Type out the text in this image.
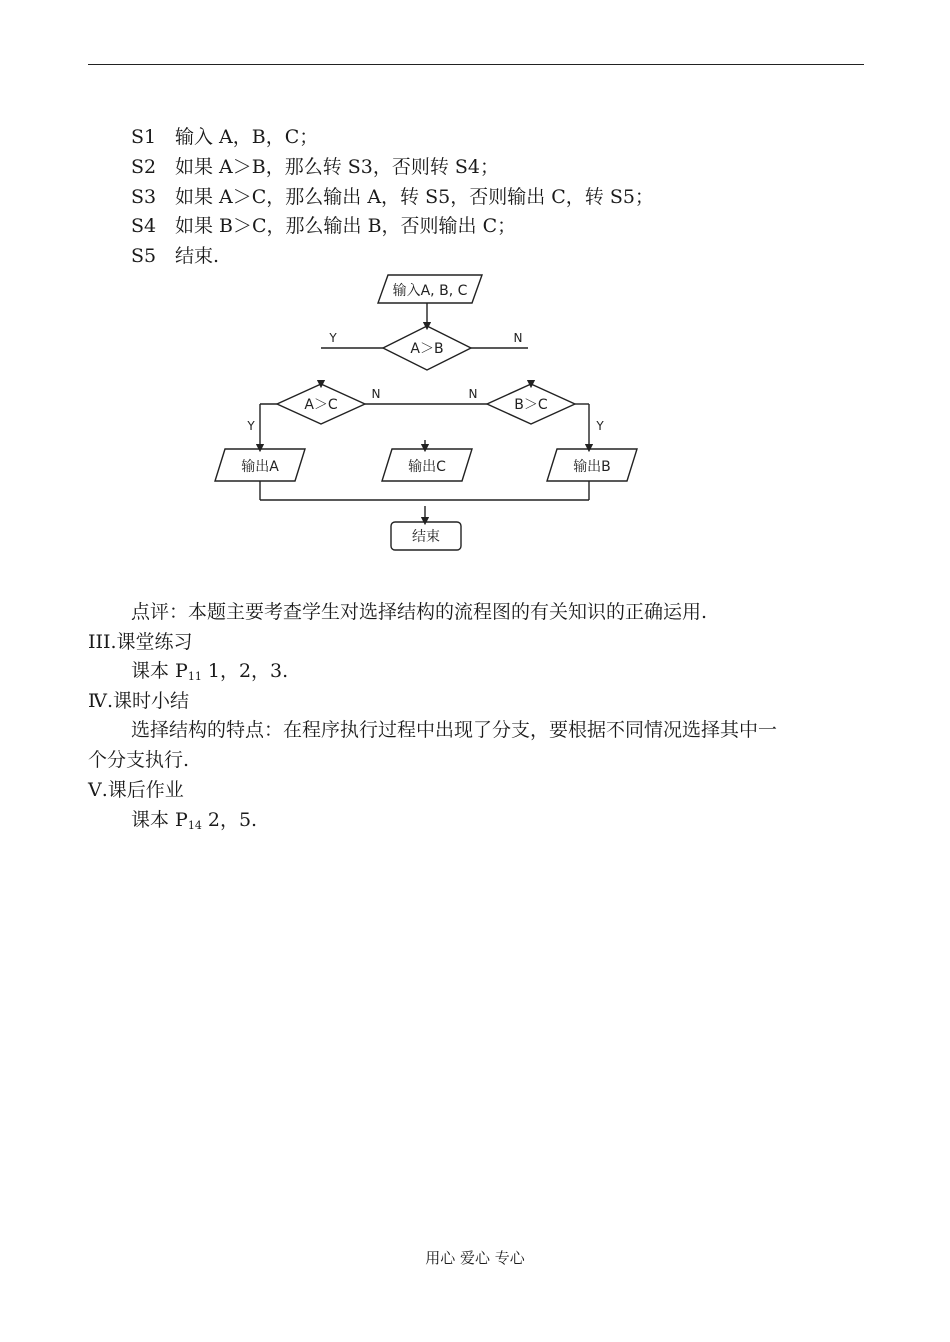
S1 输入 A，B，C；
S2 如果 A＞B，那么转 S3，否则转 S4；
S3 如果 A＞C，那么输出 A，转 S5，否则输出 C，转 S5；
S4 如果 B＞C，那么输出 B，否则输出 C；
S5 结束.
输入A, B, C
A＞B
A＞C	B＞C
输出A	输出C	输出B
结束
Y	N
N	N
Y	Y
点评：本题主要考查学生对选择结构的流程图的有关知识的正确运用.
III.课堂练习
课本 $P_{11}$ 1，2，3.
Ⅳ.课时小结
选择结构的特点：在程序执行过程中出现了分支，要根据不同情况选择其中一
个分支执行.
Ⅴ.课后作业
课本 $P_{14}$ 2，5.
用心 爱心 专心
